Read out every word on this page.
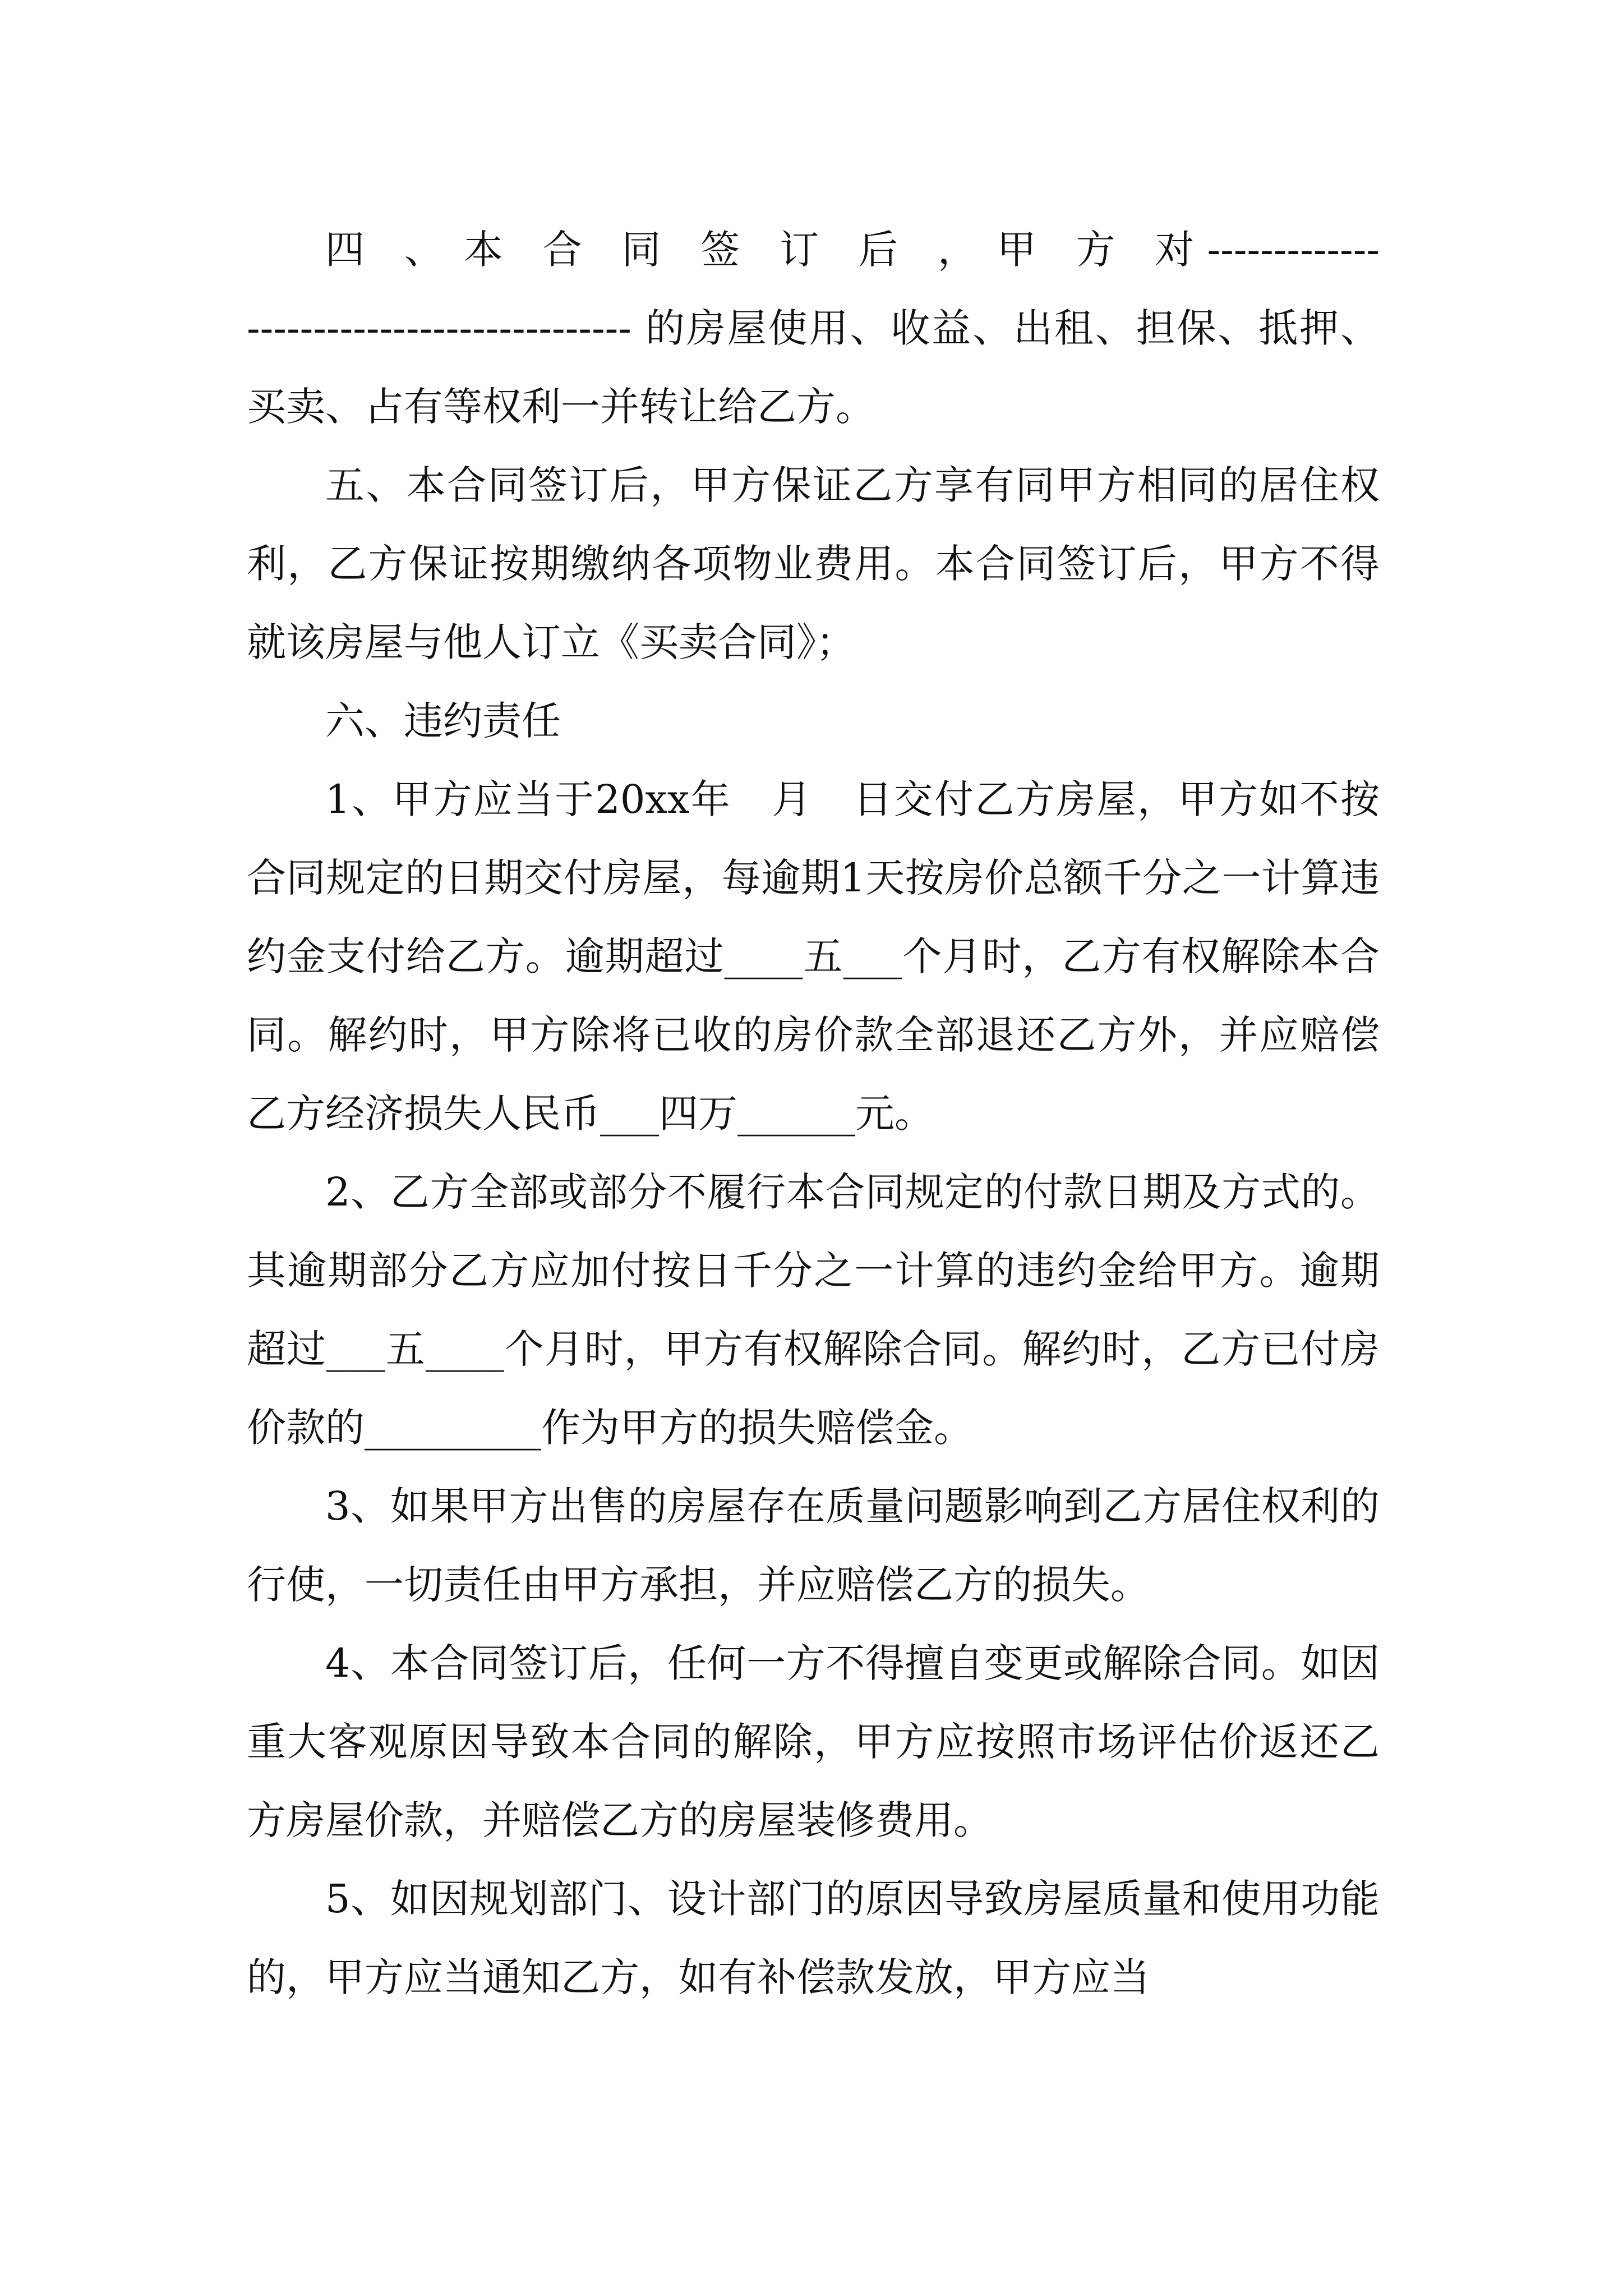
四　、　本　合　同　签　订　后　，　甲　方　对 ------------------------------------------ 的房屋使用、收益、出租、担保、抵押、买卖、占有等权利一并转让给乙方。

五、本合同签订后，甲方保证乙方享有同甲方相同的居住权利，乙方保证按期缴纳各项物业费用。本合同签订后，甲方不得就该房屋与他人订立《买卖合同》；

六、违约责任

1、甲方应当于20xx年　月　日交付乙方房屋，甲方如不按合同规定的日期交付房屋，每逾期1天按房价总额千分之一计算违约金支付给乙方。逾期超过____五___个月时，乙方有权解除本合同。解约时，甲方除将已收的房价款全部退还乙方外，并应赔偿乙方经济损失人民币___四万______元。

2、乙方全部或部分不履行本合同规定的付款日期及方式的。其逾期部分乙方应加付按日千分之一计算的违约金给甲方。逾期超过___五____个月时，甲方有权解除合同。解约时，乙方已付房价款的_________作为甲方的损失赔偿金。

3、如果甲方出售的房屋存在质量问题影响到乙方居住权利的行使，一切责任由甲方承担，并应赔偿乙方的损失。

4、本合同签订后，任何一方不得擅自变更或解除合同。如因重大客观原因导致本合同的解除，甲方应按照市场评估价返还乙方房屋价款，并赔偿乙方的房屋装修费用。

5、如因规划部门、设计部门的原因导致房屋质量和使用功能的，甲方应当通知乙方，如有补偿款发放，甲方应当
